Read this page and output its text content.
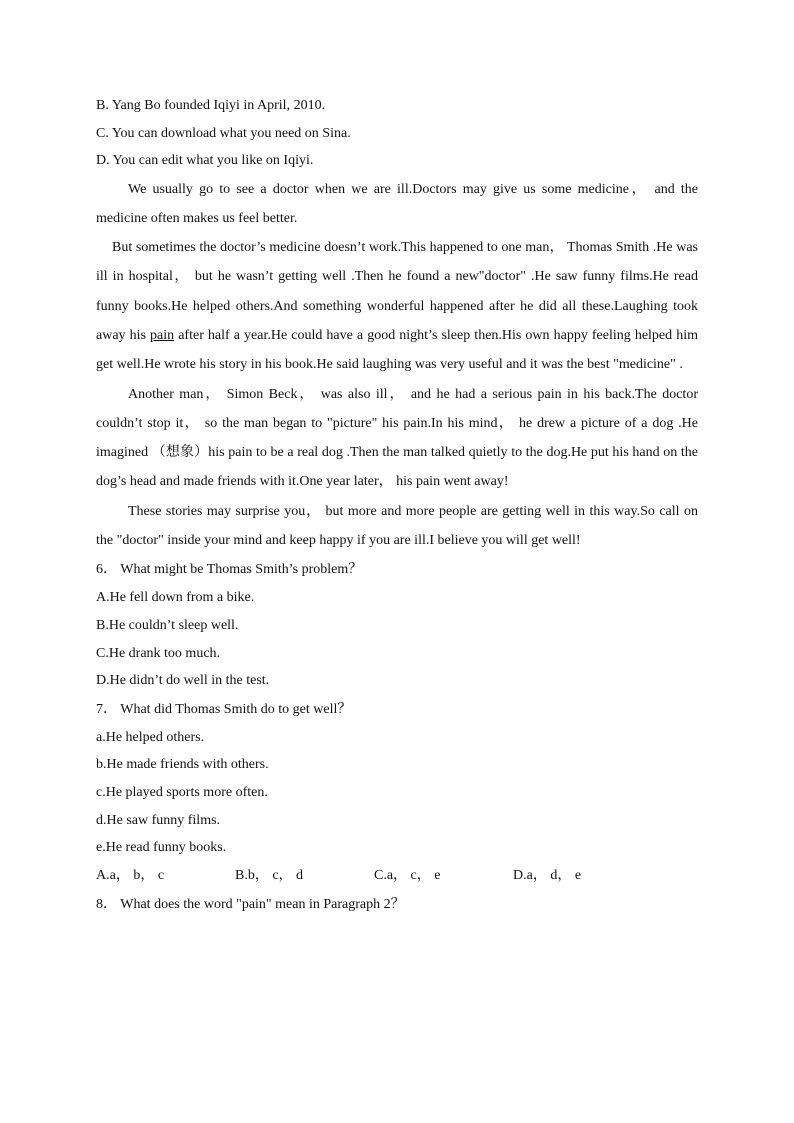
B. Yang Bo founded Iqiyi in April, 2010.
C. You can download what you need on Sina.
D. You can edit what you like on Iqiyi.

We usually go to see a doctor when we are ill.Doctors may give us some medicine， and the medicine often makes us feel better.

But sometimes the doctor’s medicine doesn’t work.This happened to one man， Thomas Smith .He was ill in hospital， but he wasn’t getting well .Then he found a new"doctor" .He saw funny films.He read funny books.He helped others.And something wonderful happened after he did all these.Laughing took away his pain after half a year.He could have a good night’s sleep then.His own happy feeling helped him get well.He wrote his story in his book.He said laughing was very useful and it was the best "medicine" .

Another man， Simon Beck， was also ill， and he had a serious pain in his back.The doctor couldn’t stop it， so the man began to "picture" his pain.In his mind， he drew a picture of a dog .He imagined （想象）his pain to be a real dog .Then the man talked quietly to the dog.He put his hand on the dog’s head and made friends with it.One year later， his pain went away!

These stories may surprise you， but more and more people are getting well in this way.So call on the "doctor" inside your mind and keep happy if you are ill.I believe you will get well!

6． What might be Thomas Smith’s problem？
A.He fell down from a bike.
B.He couldn’t sleep well.
C.He drank too much.
D.He didn’t do well in the test.
7． What did Thomas Smith do to get well？
a.He helped others.
b.He made friends with others.
c.He played sports more often.
d.He saw funny films.
e.He read funny books.
A.a， b， c	B.b， c， d	C.a， c， e	D.a， d， e
8． What does the word "pain" mean in Paragraph 2？
